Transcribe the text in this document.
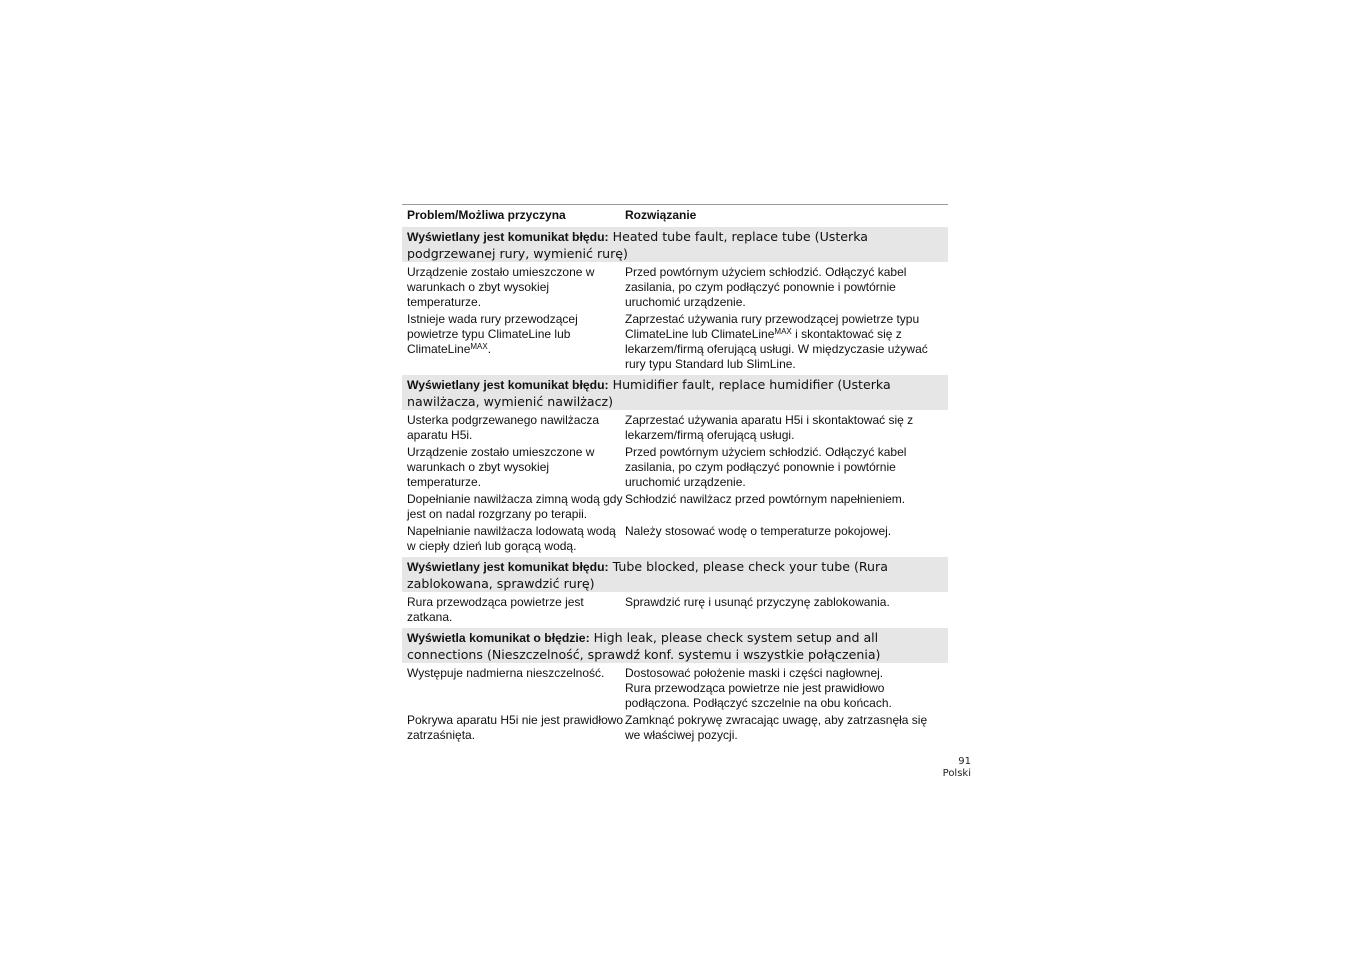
Problem/Możliwa przyczyna	Rozwiązanie
Wyświetlany jest komunikat błędu: Heated tube fault, replace tube (Usterka podgrzewanej rury, wymienić rurę)
Urządzenie zostało umieszczone w warunkach o zbyt wysokiej temperaturze.
Przed powtórnym użyciem schłodzić. Odłączyć kabel zasilania, po czym podłączyć ponownie i powtórnie uruchomić urządzenie.
Istnieje wada rury przewodzącej powietrze typu ClimateLine lub ClimateLine$^{MAX}$.
Zaprzestać używania rury przewodzącej powietrze typu ClimateLine lub ClimateLine$^{MAX}$ i skontaktować się z lekarzem/firmą oferującą usługi. W międzyczasie używać rury typu Standard lub SlimLine.
Wyświetlany jest komunikat błędu: Humidifier fault, replace humidifier (Usterka nawilżacza, wymienić nawilżacz)
Usterka podgrzewanego nawilżacza aparatu H5i.
Zaprzestać używania aparatu H5i i skontaktować się z lekarzem/firmą oferującą usługi.
Urządzenie zostało umieszczone w warunkach o zbyt wysokiej temperaturze.
Przed powtórnym użyciem schłodzić. Odłączyć kabel zasilania, po czym podłączyć ponownie i powtórnie uruchomić urządzenie.
Dopełnianie nawilżacza zimną wodą gdy jest on nadal rozgrzany po terapii.
Schłodzić nawilżacz przed powtórnym napełnieniem.
Napełnianie nawilżacza lodowatą wodą w ciepły dzień lub gorącą wodą.
Należy stosować wodę o temperaturze pokojowej.
Wyświetlany jest komunikat błędu: Tube blocked, please check your tube (Rura zablokowana, sprawdzić rurę)
Rura przewodząca powietrze jest zatkana.
Sprawdzić rurę i usunąć przyczynę zablokowania.
Wyświetla komunikat o błędzie: High leak, please check system setup and all connections (Nieszczelność, sprawdź konf. systemu i wszystkie połączenia)
Występuje nadmierna nieszczelność.	Dostosować położenie maski i części nagłownej.
Rura przewodząca powietrze nie jest prawidłowo podłączona. Podłączyć szczelnie na obu końcach.
Pokrywa aparatu H5i nie jest prawidłowo zatrzaśnięta.
Zamknąć pokrywę zwracając uwagę, aby zatrzasnęła się we właściwej pozycji.
91
Polski
